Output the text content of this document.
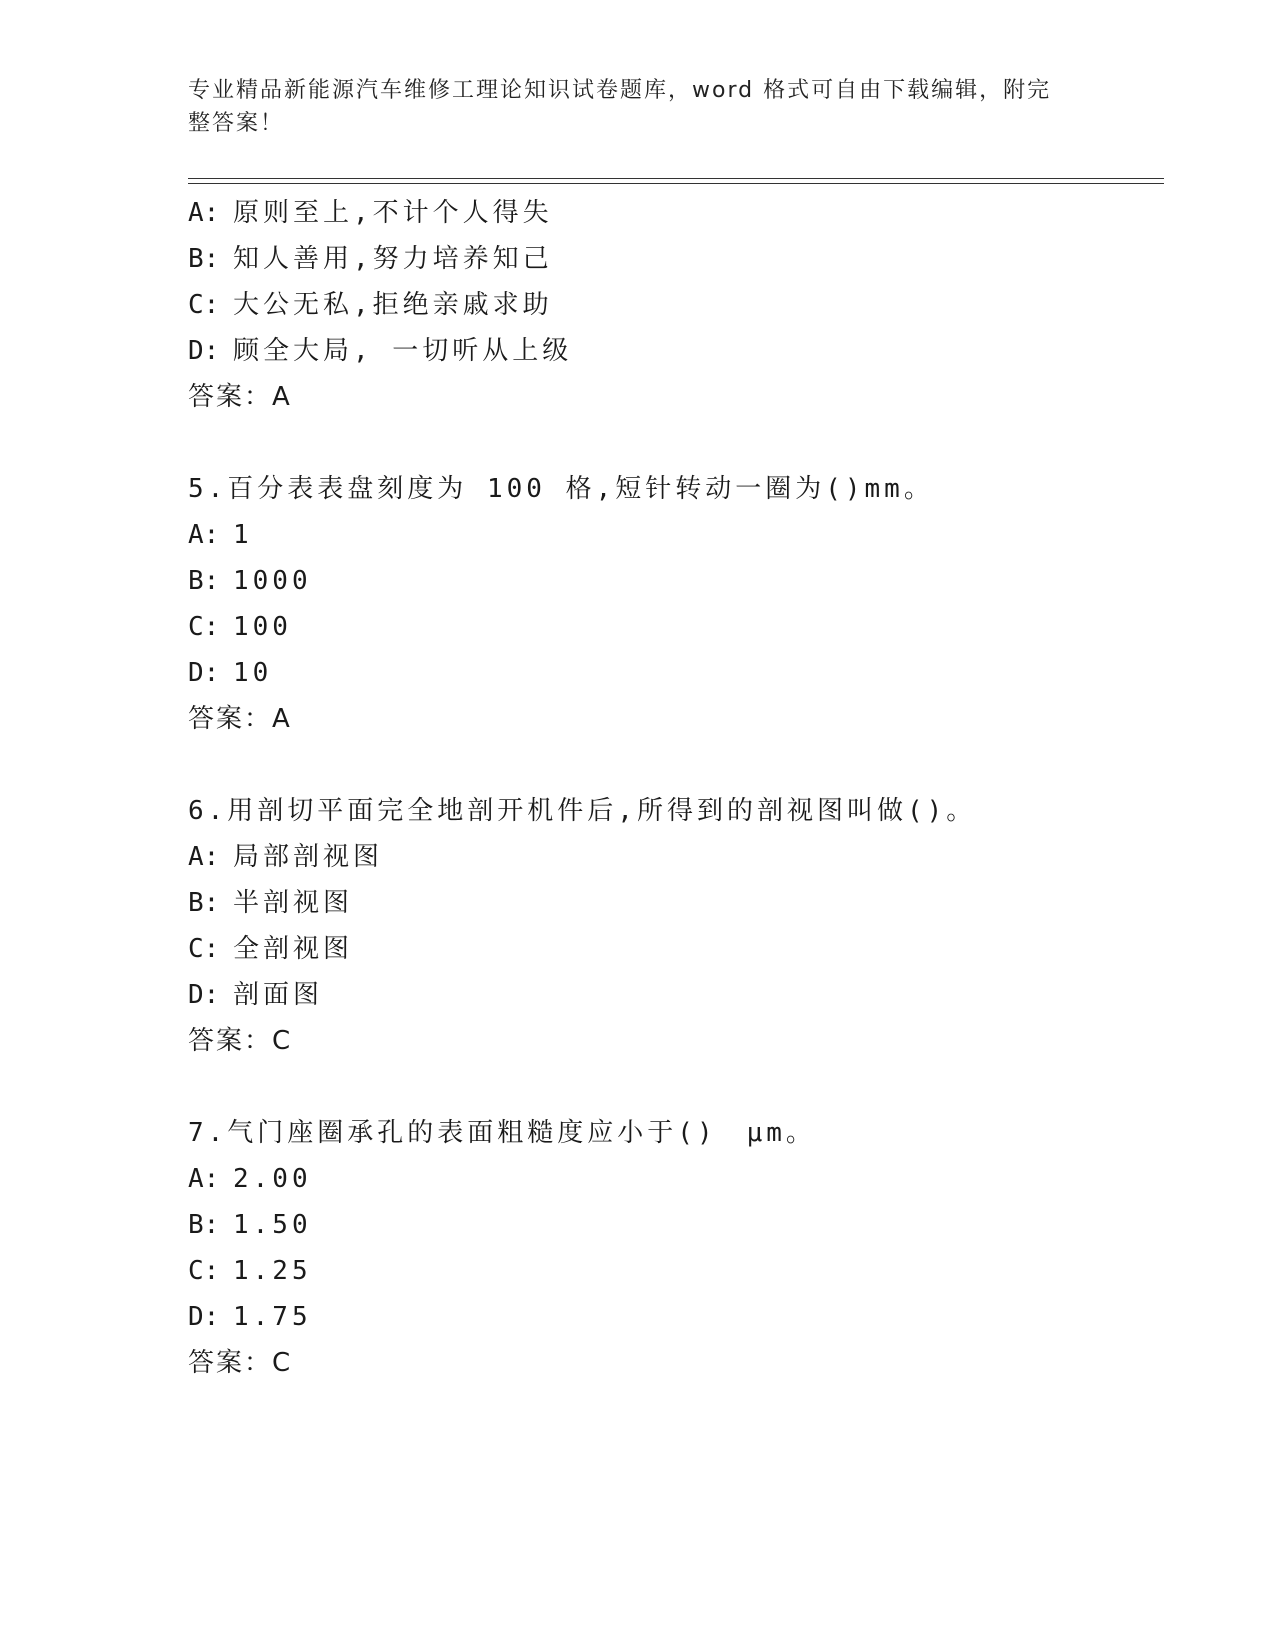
专业精品新能源汽车维修工理论知识试卷题库，word 格式可自由下载编辑，附完
整答案！
A: 原则至上,不计个人得失
B: 知人善用,努力培养知己
C: 大公无私,拒绝亲戚求助
D: 顾全大局, 一切听从上级
答案：A
5.百分表表盘刻度为 100 格,短针转动一圈为()mm。
A: 1
B: 1000
C: 100
D: 10
答案：A
6.用剖切平面完全地剖开机件后,所得到的剖视图叫做()。
A: 局部剖视图
B: 半剖视图
C: 全剖视图
D: 剖面图
答案：C
7.气门座圈承孔的表面粗糙度应小于()　μm。
A: 2.00
B: 1.50
C: 1.25
D: 1.75
答案：C
